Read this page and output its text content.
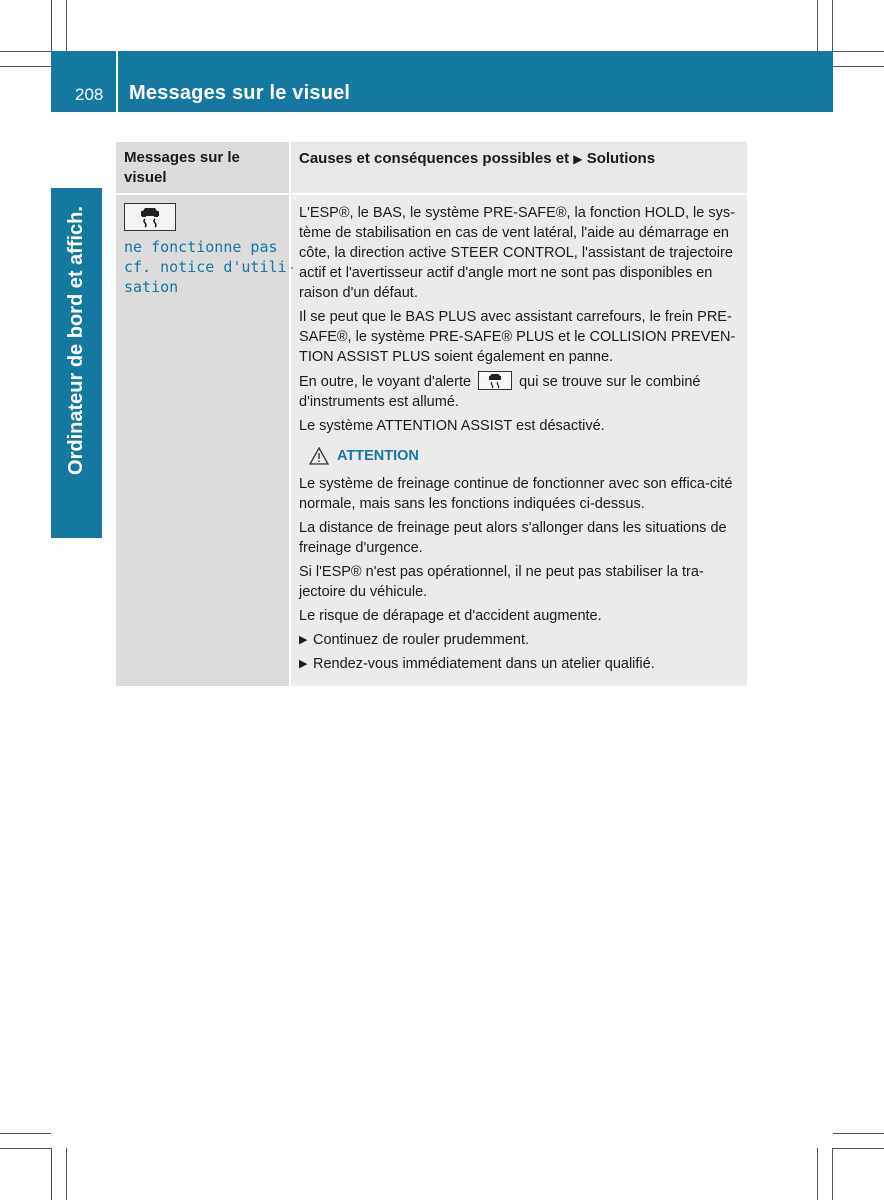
208 Messages sur le visuel
Ordinateur de bord et affich.
Messages sur le visuel
Causes et conséquences possibles et ▶ Solutions
ne fonctionne pas
cf. notice d'utili-
sation

L'ESP®, le BAS, le système PRE-SAFE®, la fonction HOLD, le sys-tème de stabilisation en cas de vent latéral, l'aide au démarrage en côte, la direction active STEER CONTROL, l'assistant de trajectoire actif et l'avertisseur actif d'angle mort ne sont pas disponibles en raison d'un défaut.

Il se peut que le BAS PLUS avec assistant carrefours, le frein PRE-SAFE®, le système PRE-SAFE® PLUS et le COLLISION PREVEN-TION ASSIST PLUS soient également en panne.

En outre, le voyant d'alerte	qui se trouve sur le combiné d'instruments est allumé.

Le système ATTENTION ASSIST est désactivé.

ATTENTION

Le système de freinage continue de fonctionner avec son effica-cité normale, mais sans les fonctions indiquées ci-dessus.

La distance de freinage peut alors s'allonger dans les situations de freinage d'urgence.

Si l'ESP® n'est pas opérationnel, il ne peut pas stabiliser la tra-jectoire du véhicule.

Le risque de dérapage et d'accident augmente.

▶ Continuez de rouler prudemment.
▶ Rendez-vous immédiatement dans un atelier qualifié.
